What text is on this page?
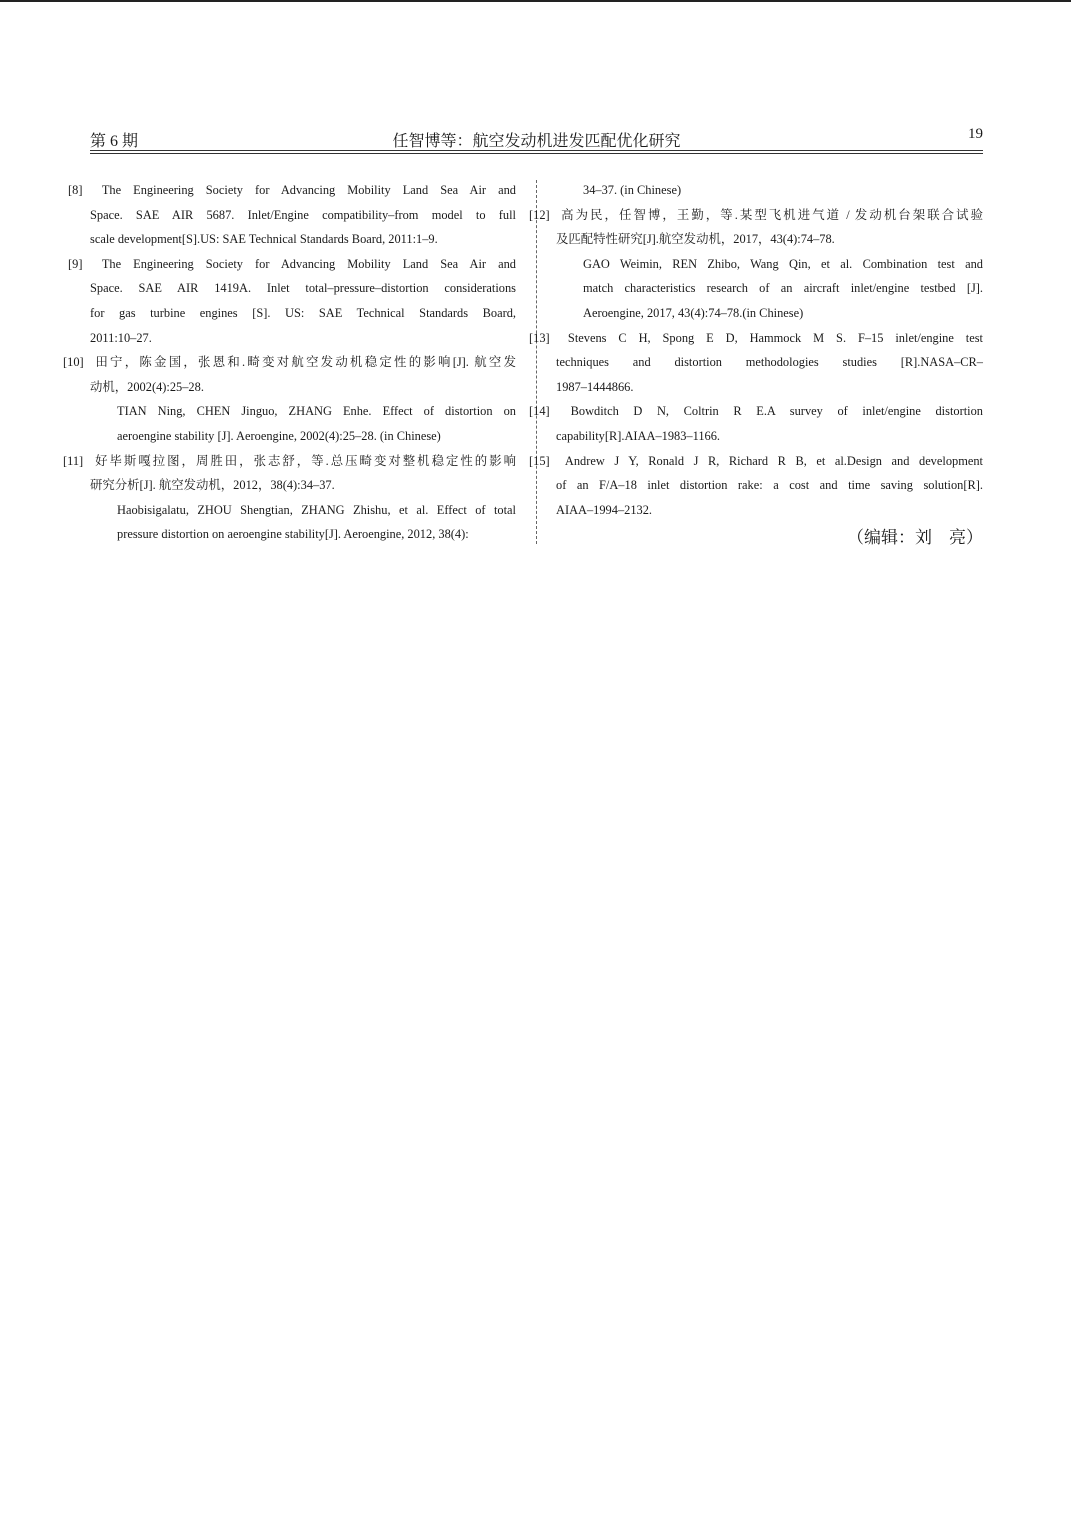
第 6 期	任智博等：航空发动机进发匹配优化研究	19

[8] The Engineering Society for Advancing Mobility Land Sea Air and
Space. SAE AIR 5687. Inlet/Engine compatibility–from model to full
scale development[S].US: SAE Technical Standards Board, 2011:1–9.

[9] The Engineering Society for Advancing Mobility Land Sea Air and
Space. SAE AIR 1419A. Inlet total–pressure–distortion considerations
for gas turbine engines [S]. US: SAE Technical Standards Board,
2011:10–27.

[10] 田宁，陈金国，张恩和.畸变对航空发动机稳定性的影响[J]. 航空发
动机，2002(4):25–28.

TIAN Ning, CHEN Jinguo, ZHANG Enhe. Effect of distortion on
aeroengine stability [J]. Aeroengine, 2002(4):25–28. (in Chinese)

[11] 好毕斯嘎拉图，周胜田，张志舒，等.总压畸变对整机稳定性的影响
研究分析[J]. 航空发动机，2012，38(4):34–37.

Haobisigalatu, ZHOU Shengtian, ZHANG Zhishu, et al. Effect of total
pressure distortion on aeroengine stability[J]. Aeroengine, 2012, 38(4):

34–37. (in Chinese)

[12] 高为民，任智博，王勤，等.某型飞机进气道 / 发动机台架联合试验
及匹配特性研究[J].航空发动机，2017，43(4):74–78.

GAO Weimin, REN Zhibo, Wang Qin, et al. Combination test and
match characteristics research of an aircraft inlet/engine testbed [J].
Aeroengine, 2017, 43(4):74–78.(in Chinese)

[13] Stevens C H, Spong E D, Hammock M S. F–15 inlet/engine test
techniques and distortion methodologies studies [R].NASA–CR–
1987–1444866.

[14] Bowditch D N, Coltrin R E.A survey of inlet/engine distortion
capability[R].AIAA–1983–1166.

[15] Andrew J Y, Ronald J R, Richard R B, et al.Design and development
of an F/A–18 inlet distortion rake: a cost and time saving solution[R].
AIAA–1994–2132.

（编辑：刘　亮）
